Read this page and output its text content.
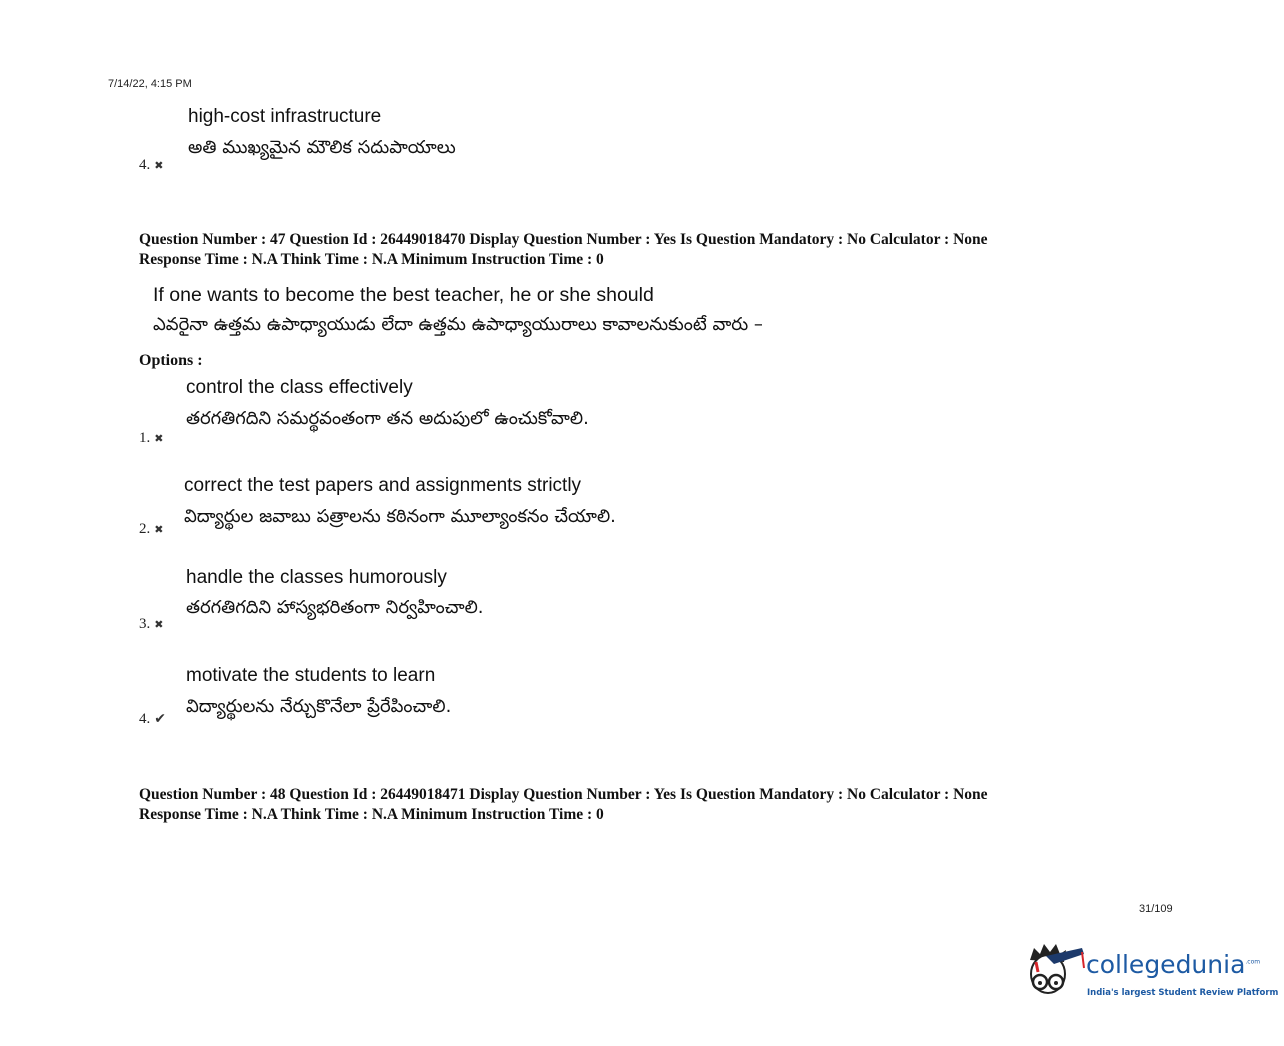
7/14/22, 4:15 PM
high-cost infrastructure
అతి ముఖ్యమైన మౌలిక సదుపాయాలు
4. ✖
Question Number : 47 Question Id : 26449018470 Display Question Number : Yes Is Question Mandatory : No Calculator : None
Response Time : N.A Think Time : N.A Minimum Instruction Time : 0
If one wants to become the best teacher, he or she should
ఎవరైనా ఉత్తమ ఉపాధ్యాయుడు లేదా ఉత్తమ ఉపాధ్యాయురాలు కావాలనుకుంటే వారు –
Options :
control the class effectively
తరగతిగదిని సమర్థవంతంగా తన అదుపులో ఉంచుకోవాలి.
1. ✖
correct the test papers and assignments strictly
విద్యార్థుల జవాబు పత్రాలను కఠినంగా మూల్యాంకనం చేయాలి.
2. ✖
handle the classes humorously
తరగతిగదిని హాస్యభరితంగా నిర్వహించాలి.
3. ✖
motivate the students to learn
విద్యార్థులను నేర్చుకొనేలా ప్రేరేపించాలి.
4. ✔
Question Number : 48 Question Id : 26449018471 Display Question Number : Yes Is Question Mandatory : No Calculator : None
Response Time : N.A Think Time : N.A Minimum Instruction Time : 0
31/109
collegedunia$^{.com}$
India's largest Student Review Platform
